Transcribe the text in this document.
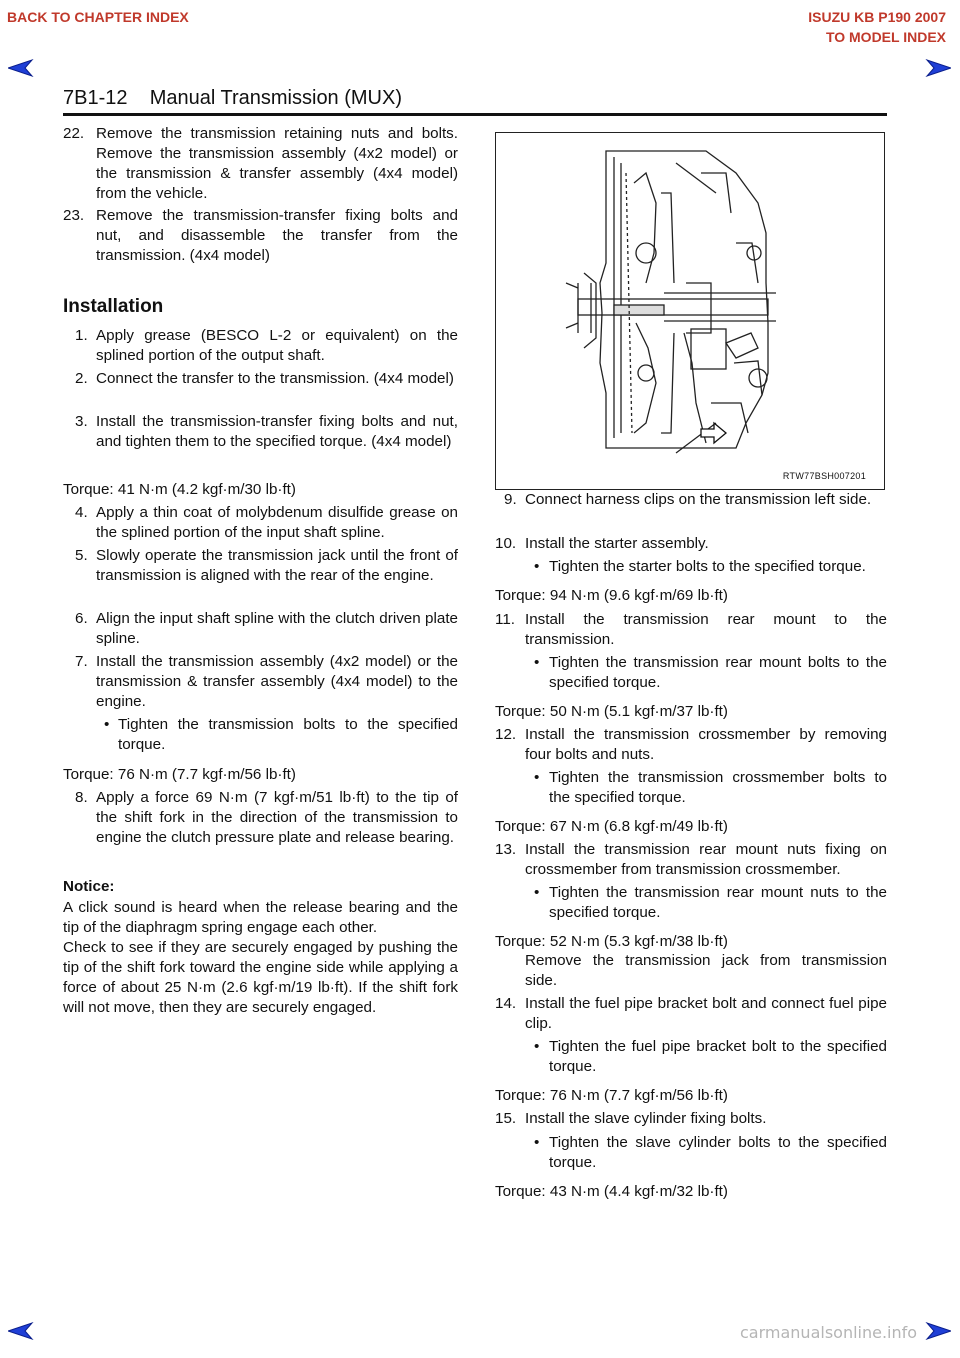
BACK TO CHAPTER INDEX	ISUZU KB P190 2007
TO MODEL INDEX
7B1-12    Manual Transmission (MUX)
22. Remove the transmission retaining nuts and bolts. Remove the transmission assembly (4x2 model) or the transmission & transfer assembly (4x4 model) from the vehicle.
23. Remove the transmission-transfer fixing bolts and nut, and disassemble the transfer from the transmission. (4x4 model)
Installation
1. Apply grease (BESCO L-2 or equivalent) on the splined portion of the output shaft.
2. Connect the transfer to the transmission. (4x4 model)
3. Install the transmission-transfer fixing bolts and nut, and tighten them to the specified torque. (4x4 model)
Torque: 41 N·m (4.2 kgf·m/30 lb·ft)
4. Apply a thin coat of molybdenum disulfide grease on the splined portion of the input shaft spline.
5. Slowly operate the transmission jack until the front of transmission is aligned with the rear of the engine.
6. Align the input shaft spline with the clutch driven plate spline.
7. Install the transmission assembly (4x2 model) or the transmission & transfer assembly (4x4 model) to the engine.
• Tighten the transmission bolts to the specified torque.
Torque: 76 N·m (7.7 kgf·m/56 lb·ft)
8. Apply a force 69 N·m (7 kgf·m/51 lb·ft) to the tip of the shift fork in the direction of the transmission to engine the clutch pressure plate and release bearing.
Notice:
A click sound is heard when the release bearing and the tip of the diaphragm spring engage each other.
Check to see if they are securely engaged by pushing the tip of the shift fork toward the engine side while applying a force of about 25 N·m (2.6 kgf·m/19 lb·ft). If the shift fork will not move, then they are securely engaged.
RTW77BSH007201
9. Connect harness clips on the transmission left side.
10. Install the starter assembly.
• Tighten the starter bolts to the specified torque.
Torque: 94 N·m (9.6 kgf·m/69 lb·ft)
11. Install the transmission rear mount to the transmission.
• Tighten the transmission rear mount bolts to the specified torque.
Torque: 50 N·m (5.1 kgf·m/37 lb·ft)
12. Install the transmission crossmember by removing four bolts and nuts.
• Tighten the transmission crossmember bolts to the specified torque.
Torque: 67 N·m (6.8 kgf·m/49 lb·ft)
13. Install the transmission rear mount nuts fixing on crossmember from transmission crossmember.
• Tighten the transmission rear mount nuts to the specified torque.
Torque: 52 N·m (5.3 kgf·m/38 lb·ft)
Remove the transmission jack from transmission side.
14. Install the fuel pipe bracket bolt and connect fuel pipe clip.
• Tighten the fuel pipe bracket bolt to the specified torque.
Torque: 76 N·m (7.7 kgf·m/56 lb·ft)
15. Install the slave cylinder fixing bolts.
• Tighten the slave cylinder bolts to the specified torque.
Torque: 43 N·m (4.4 kgf·m/32 lb·ft)
carmanualsonline.info
